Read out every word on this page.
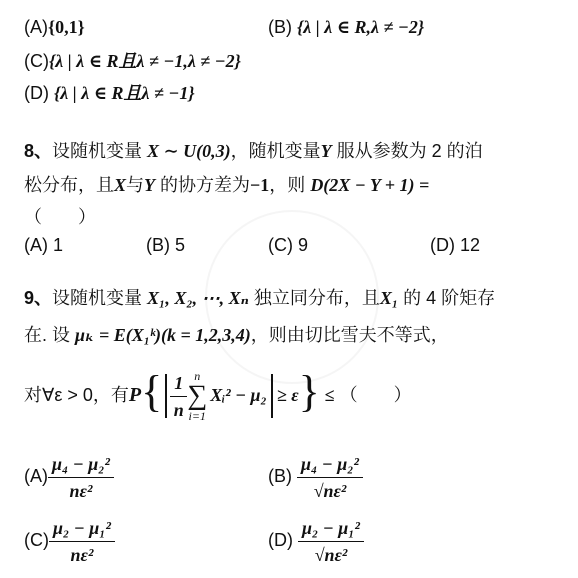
(A){0,1}	(B) {λ | λ ∈ R,λ ≠ −2}
(C){λ | λ ∈ R且λ ≠ −1,λ ≠ −2}
(D) {λ | λ ∈ R且λ ≠ −1}
8、设随机变量 X ∼ U(0,3)，随机变量Y 服从参数为 2 的泊
松分布，且X与Y 的协方差为−1，则 D(2X − Y + 1) =
（　　）
(A) 1	(B) 5	(C) 9	(D) 12
9、设随机变量 X₁, X₂, ⋯, Xₙ 独立同分布，且X₁ 的 4 阶矩存
在. 设 μₖ = E(X₁ᵏ)(k = 1,2,3,4)，则由切比雪夫不等式，
对∀ε > 0，有$P\{ \frac{1}{n}$ n
∑
i=1
Xᵢ² − μ₂ ≥ ε} ≤ （　　）
$(A) \frac{\text{μ₄ − μ₂²}}{\text{nε²}}$	$(B) \frac{\text{μ₄ − μ₂²}}{\text{√nε²}}$
$(C) \frac{\text{μ₂ − μ₁²}}{\text{nε²}}$	$(D) \frac{\text{μ₂ − μ₁²}}{\text{√nε²}}$
